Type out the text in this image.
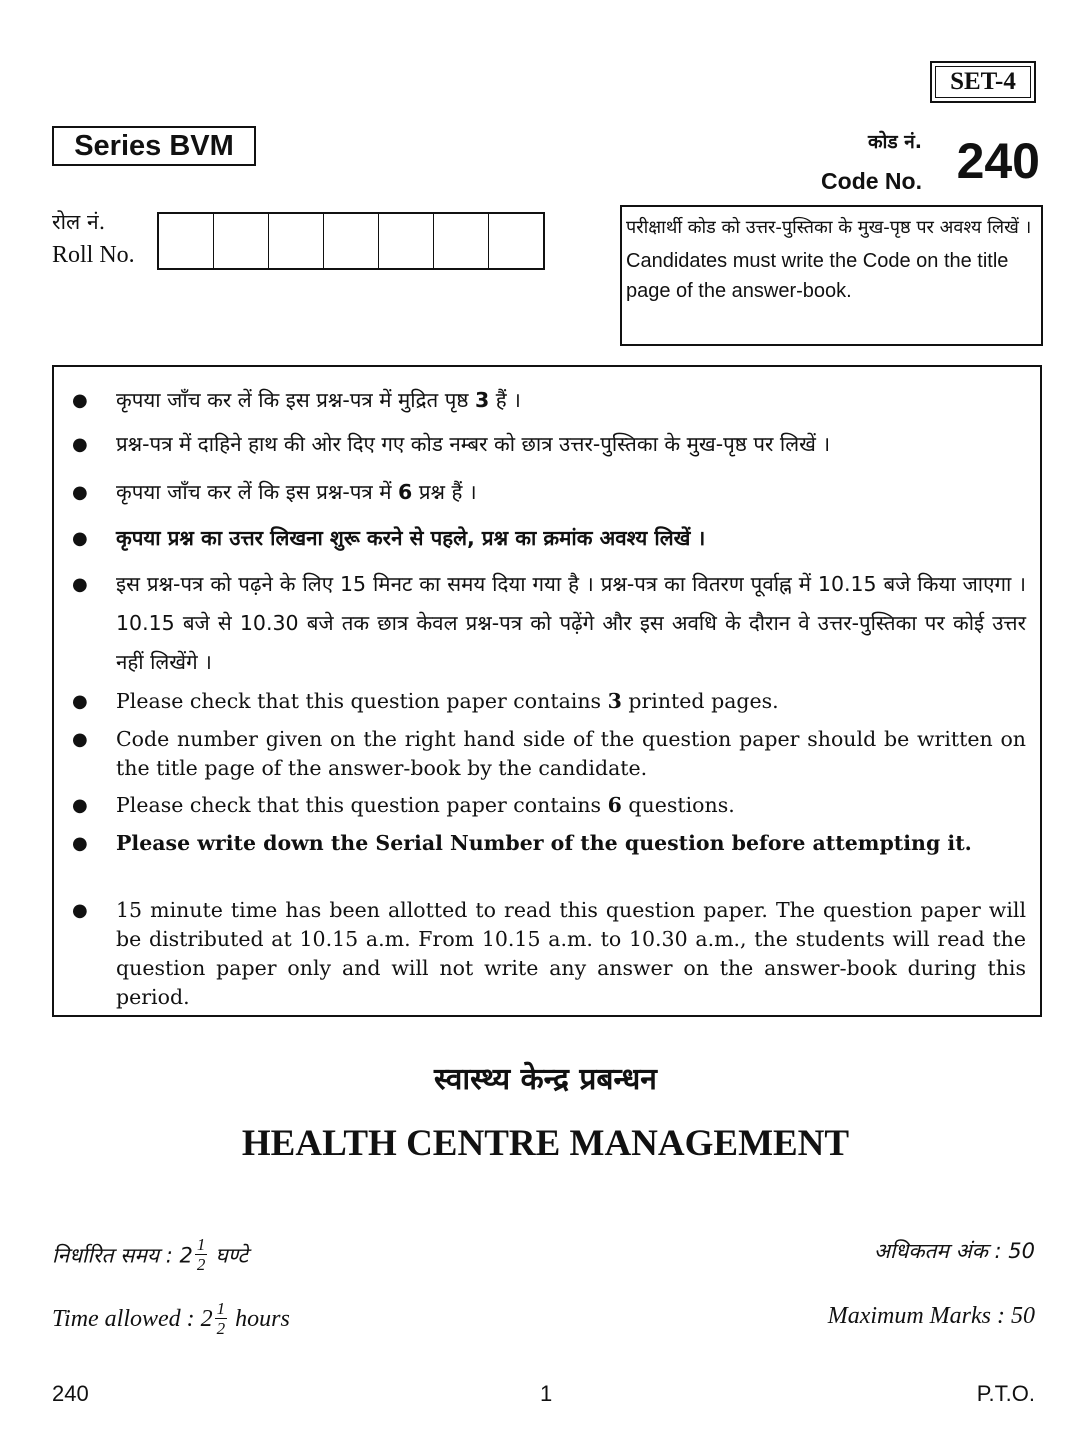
SET-4
Series BVM	कोड नं.
Code No. 240
रोल नं.
Roll No.
परीक्षार्थी कोड को उत्तर-पुस्तिका के मुख-पृष्ठ पर अवश्य लिखें ।
Candidates must write the Code on the title page of the answer-book.
● कृपया जाँच कर लें कि इस प्रश्न-पत्र में मुद्रित पृष्ठ 3 हैं ।
● प्रश्न-पत्र में दाहिने हाथ की ओर दिए गए कोड नम्बर को छात्र उत्तर-पुस्तिका के मुख-पृष्ठ पर लिखें ।
● कृपया जाँच कर लें कि इस प्रश्न-पत्र में 6 प्रश्न हैं ।
● कृपया प्रश्न का उत्तर लिखना शुरू करने से पहले, प्रश्न का क्रमांक अवश्य लिखें ।
● इस प्रश्न-पत्र को पढ़ने के लिए 15 मिनट का समय दिया गया है । प्रश्न-पत्र का वितरण पूर्वाह्न में 10.15 बजे किया जाएगा । 10.15 बजे से 10.30 बजे तक छात्र केवल प्रश्न-पत्र को पढ़ेंगे और इस अवधि के दौरान वे उत्तर-पुस्तिका पर कोई उत्तर नहीं लिखेंगे ।
● Please check that this question paper contains 3 printed pages.
● Code number given on the right hand side of the question paper should be written on the title page of the answer-book by the candidate.
● Please check that this question paper contains 6 questions.
● Please write down the Serial Number of the question before attempting it.
● 15 minute time has been allotted to read this question paper. The question paper will be distributed at 10.15 a.m. From 10.15 a.m. to 10.30 a.m., the students will read the question paper only and will not write any answer on the answer-book during this period.
स्वास्थ्य केन्द्र प्रबन्धन
HEALTH CENTRE MANAGEMENT
निर्धारित समय : $2 \frac{1}{2}$ घण्टे
Time allowed : $2 \frac{1}{2}$ hours
अधिकतम अंक : 50
Maximum Marks : 50
240	1	P.T.O.
